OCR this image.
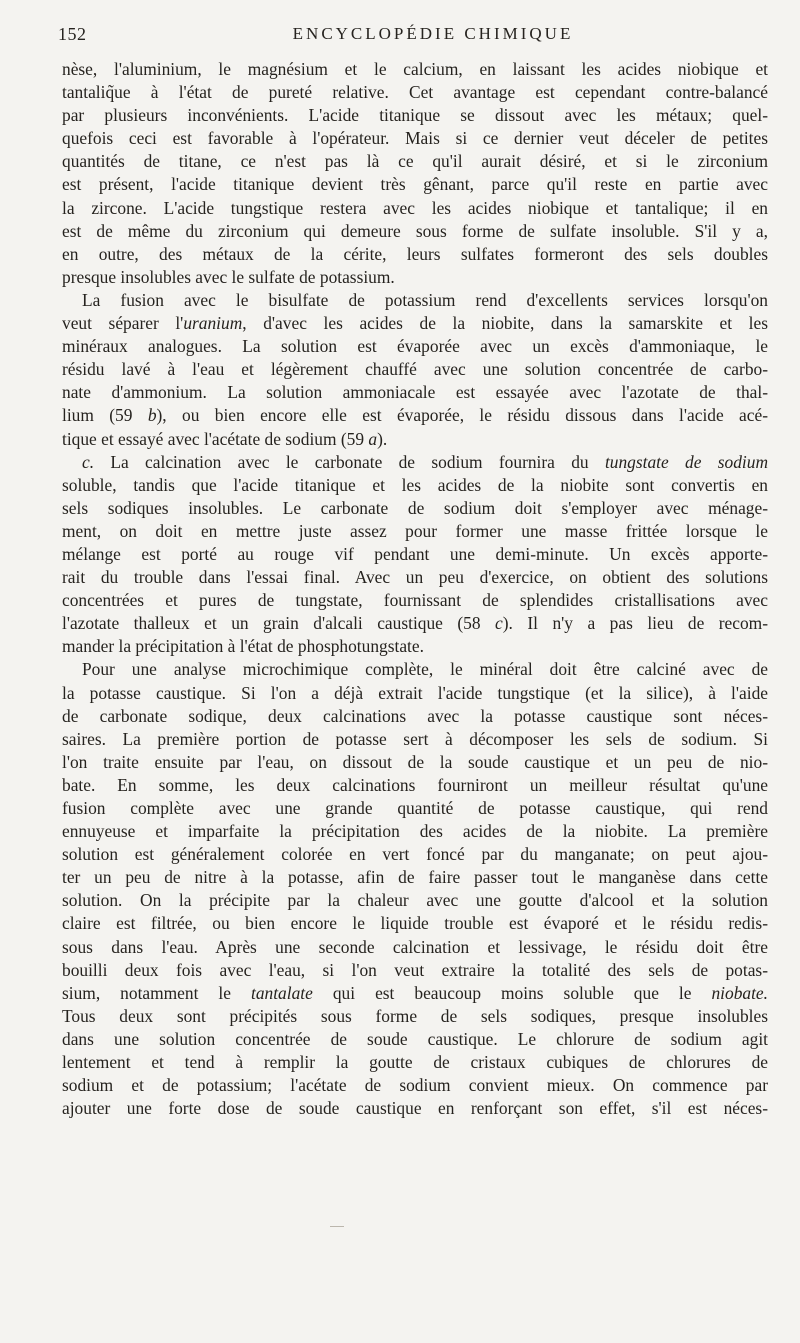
152	ENCYCLOPÉDIE CHIMIQUE
nèse, l'aluminium, le magnésium et le calcium, en laissant les acides niobique et
tantaliq̃ue à l'état de pureté relative. Cet avantage est cependant contre-balancé
par plusieurs inconvénients. L'acide titanique se dissout avec les métaux; quel-
quefois ceci est favorable à l'opérateur. Mais si ce dernier veut déceler de petites
quantités de titane, ce n'est pas là ce qu'il aurait désiré, et si le zirconium
est présent, l'acide titanique devient très gênant, parce qu'il reste en partie avec
la zircone. L'acide tungstique restera avec les acides niobique et tantalique; il en
est de même du zirconium qui demeure sous forme de sulfate insoluble. S'il y a,
en outre, des métaux de la cérite, leurs sulfates formeront des sels doubles
presque insolubles avec le sulfate de potassium.
La fusion avec le bisulfate de potassium rend d'excellents services lorsqu'on
veut séparer l'uranium, d'avec les acides de la niobite, dans la samarskite et les
minéraux analogues. La solution est évaporée avec un excès d'ammoniaque, le
résidu lavé à l'eau et légèrement chauffé avec une solution concentrée de carbo-
nate d'ammonium. La solution ammoniacale est essayée avec l'azotate de thal-
lium (59 b), ou bien encore elle est évaporée, le résidu dissous dans l'acide acé-
tique et essayé avec l'acétate de sodium (59 a).
c. La calcination avec le carbonate de sodium fournira du tungstate de sodium
soluble, tandis que l'acide titanique et les acides de la niobite sont convertis en
sels sodiques insolubles. Le carbonate de sodium doit s'employer avec ménage-
ment, on doit en mettre juste assez pour former une masse frittée lorsque le
mélange est porté au rouge vif pendant une demi-minute. Un excès apporte-
rait du trouble dans l'essai final. Avec un peu d'exercice, on obtient des solutions
concentrées et pures de tungstate, fournissant de splendides cristallisations avec
l'azotate thalleux et un grain d'alcali caustique (58 c). Il n'y a pas lieu de recom-
mander la précipitation à l'état de phosphotungstate.
Pour une analyse microchimique complète, le minéral doit être calciné avec de
la potasse caustique. Si l'on a déjà extrait l'acide tungstique (et la silice), à l'aide
de carbonate sodique, deux calcinations avec la potasse caustique sont néces-
saires. La première portion de potasse sert à décomposer les sels de sodium. Si
l'on traite ensuite par l'eau, on dissout de la soude caustique et un peu de nio-
bate. En somme, les deux calcinations fourniront un meilleur résultat qu'une
fusion complète avec une grande quantité de potasse caustique, qui rend
ennuyeuse et imparfaite la précipitation des acides de la niobite. La première
solution est généralement colorée en vert foncé par du manganate; on peut ajou-
ter un peu de nitre à la potasse, afin de faire passer tout le manganèse dans cette
solution. On la précipite par la chaleur avec une goutte d'alcool et la solution
claire est filtrée, ou bien encore le liquide trouble est évaporé et le résidu redis-
sous dans l'eau. Après une seconde calcination et lessivage, le résidu doit être
bouilli deux fois avec l'eau, si l'on veut extraire la totalité des sels de potas-
sium, notamment le tantalate qui est beaucoup moins soluble que le niobate.
Tous deux sont précipités sous forme de sels sodiques, presque insolubles
dans une solution concentrée de soude caustique. Le chlorure de sodium agit
lentement et tend à remplir la goutte de cristaux cubiques de chlorures de
sodium et de potassium; l'acétate de sodium convient mieux. On commence par
ajouter une forte dose de soude caustique en renforçant son effet, s'il est néces-
